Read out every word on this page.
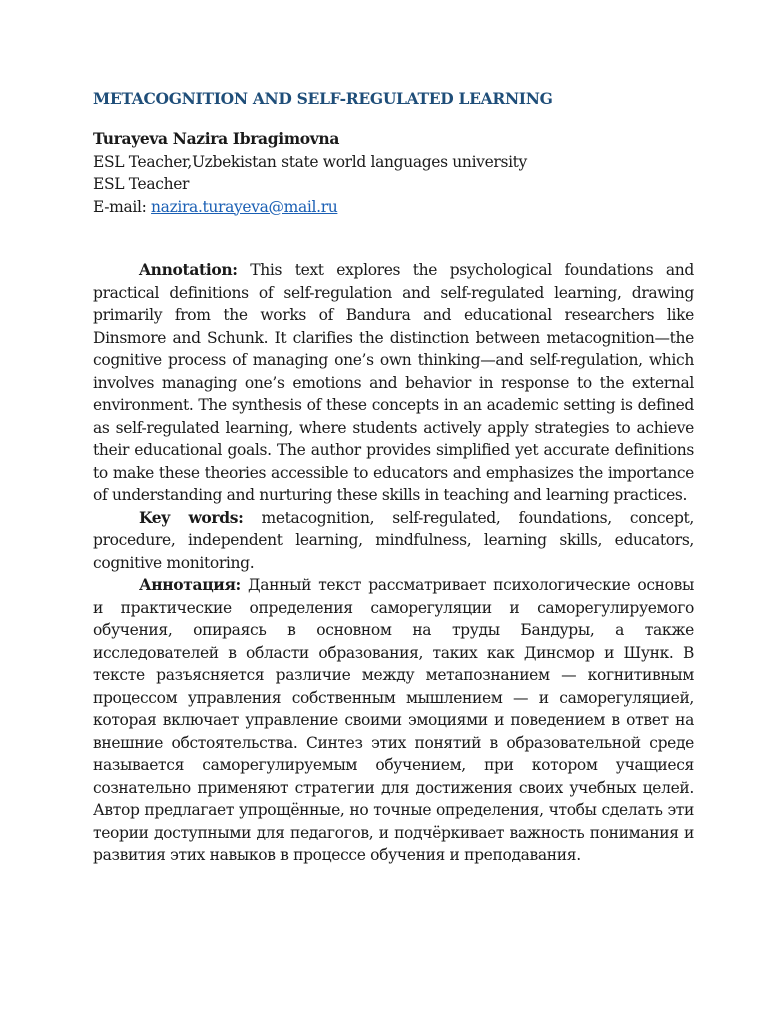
METACOGNITION AND SELF-REGULATED LEARNING
Turayeva Nazira Ibragimovna
ESL Teacher,Uzbekistan state world languages university
ESL Teacher
E-mail: nazira.turayeva@mail.ru

Annotation: This text explores the psychological foundations and practical definitions of self-regulation and self-regulated learning, drawing primarily from the works of Bandura and educational researchers like Dinsmore and Schunk. It clarifies the distinction between metacognition—the cognitive process of managing one’s own thinking—and self-regulation, which involves managing one’s emotions and behavior in response to the external environment. The synthesis of these concepts in an academic setting is defined as self-regulated learning, where students actively apply strategies to achieve their educational goals. The author provides simplified yet accurate definitions to make these theories accessible to educators and emphasizes the importance of understanding and nurturing these skills in teaching and learning practices.

Key words: metacognition, self-regulated, foundations, concept, procedure, independent learning, mindfulness, learning skills, educators, cognitive monitoring.

Аннотация: Данный текст рассматривает психологические основы и практические определения саморегуляции и саморегулируемого обучения, опираясь в основном на труды Бандуры, а также исследователей в области образования, таких как Динсмор и Шунк. В тексте разъясняется различие между метапознанием — когнитивным процессом управления собственным мышлением — и саморегуляцией, которая включает управление своими эмоциями и поведением в ответ на внешние обстоятельства. Синтез этих понятий в образовательной среде называется саморегулируемым обучением, при котором учащиеся сознательно применяют стратегии для достижения своих учебных целей. Автор предлагает упрощённые, но точные определения, чтобы сделать эти теории доступными для педагогов, и подчёркивает важность понимания и развития этих навыков в процессе обучения и преподавания.
